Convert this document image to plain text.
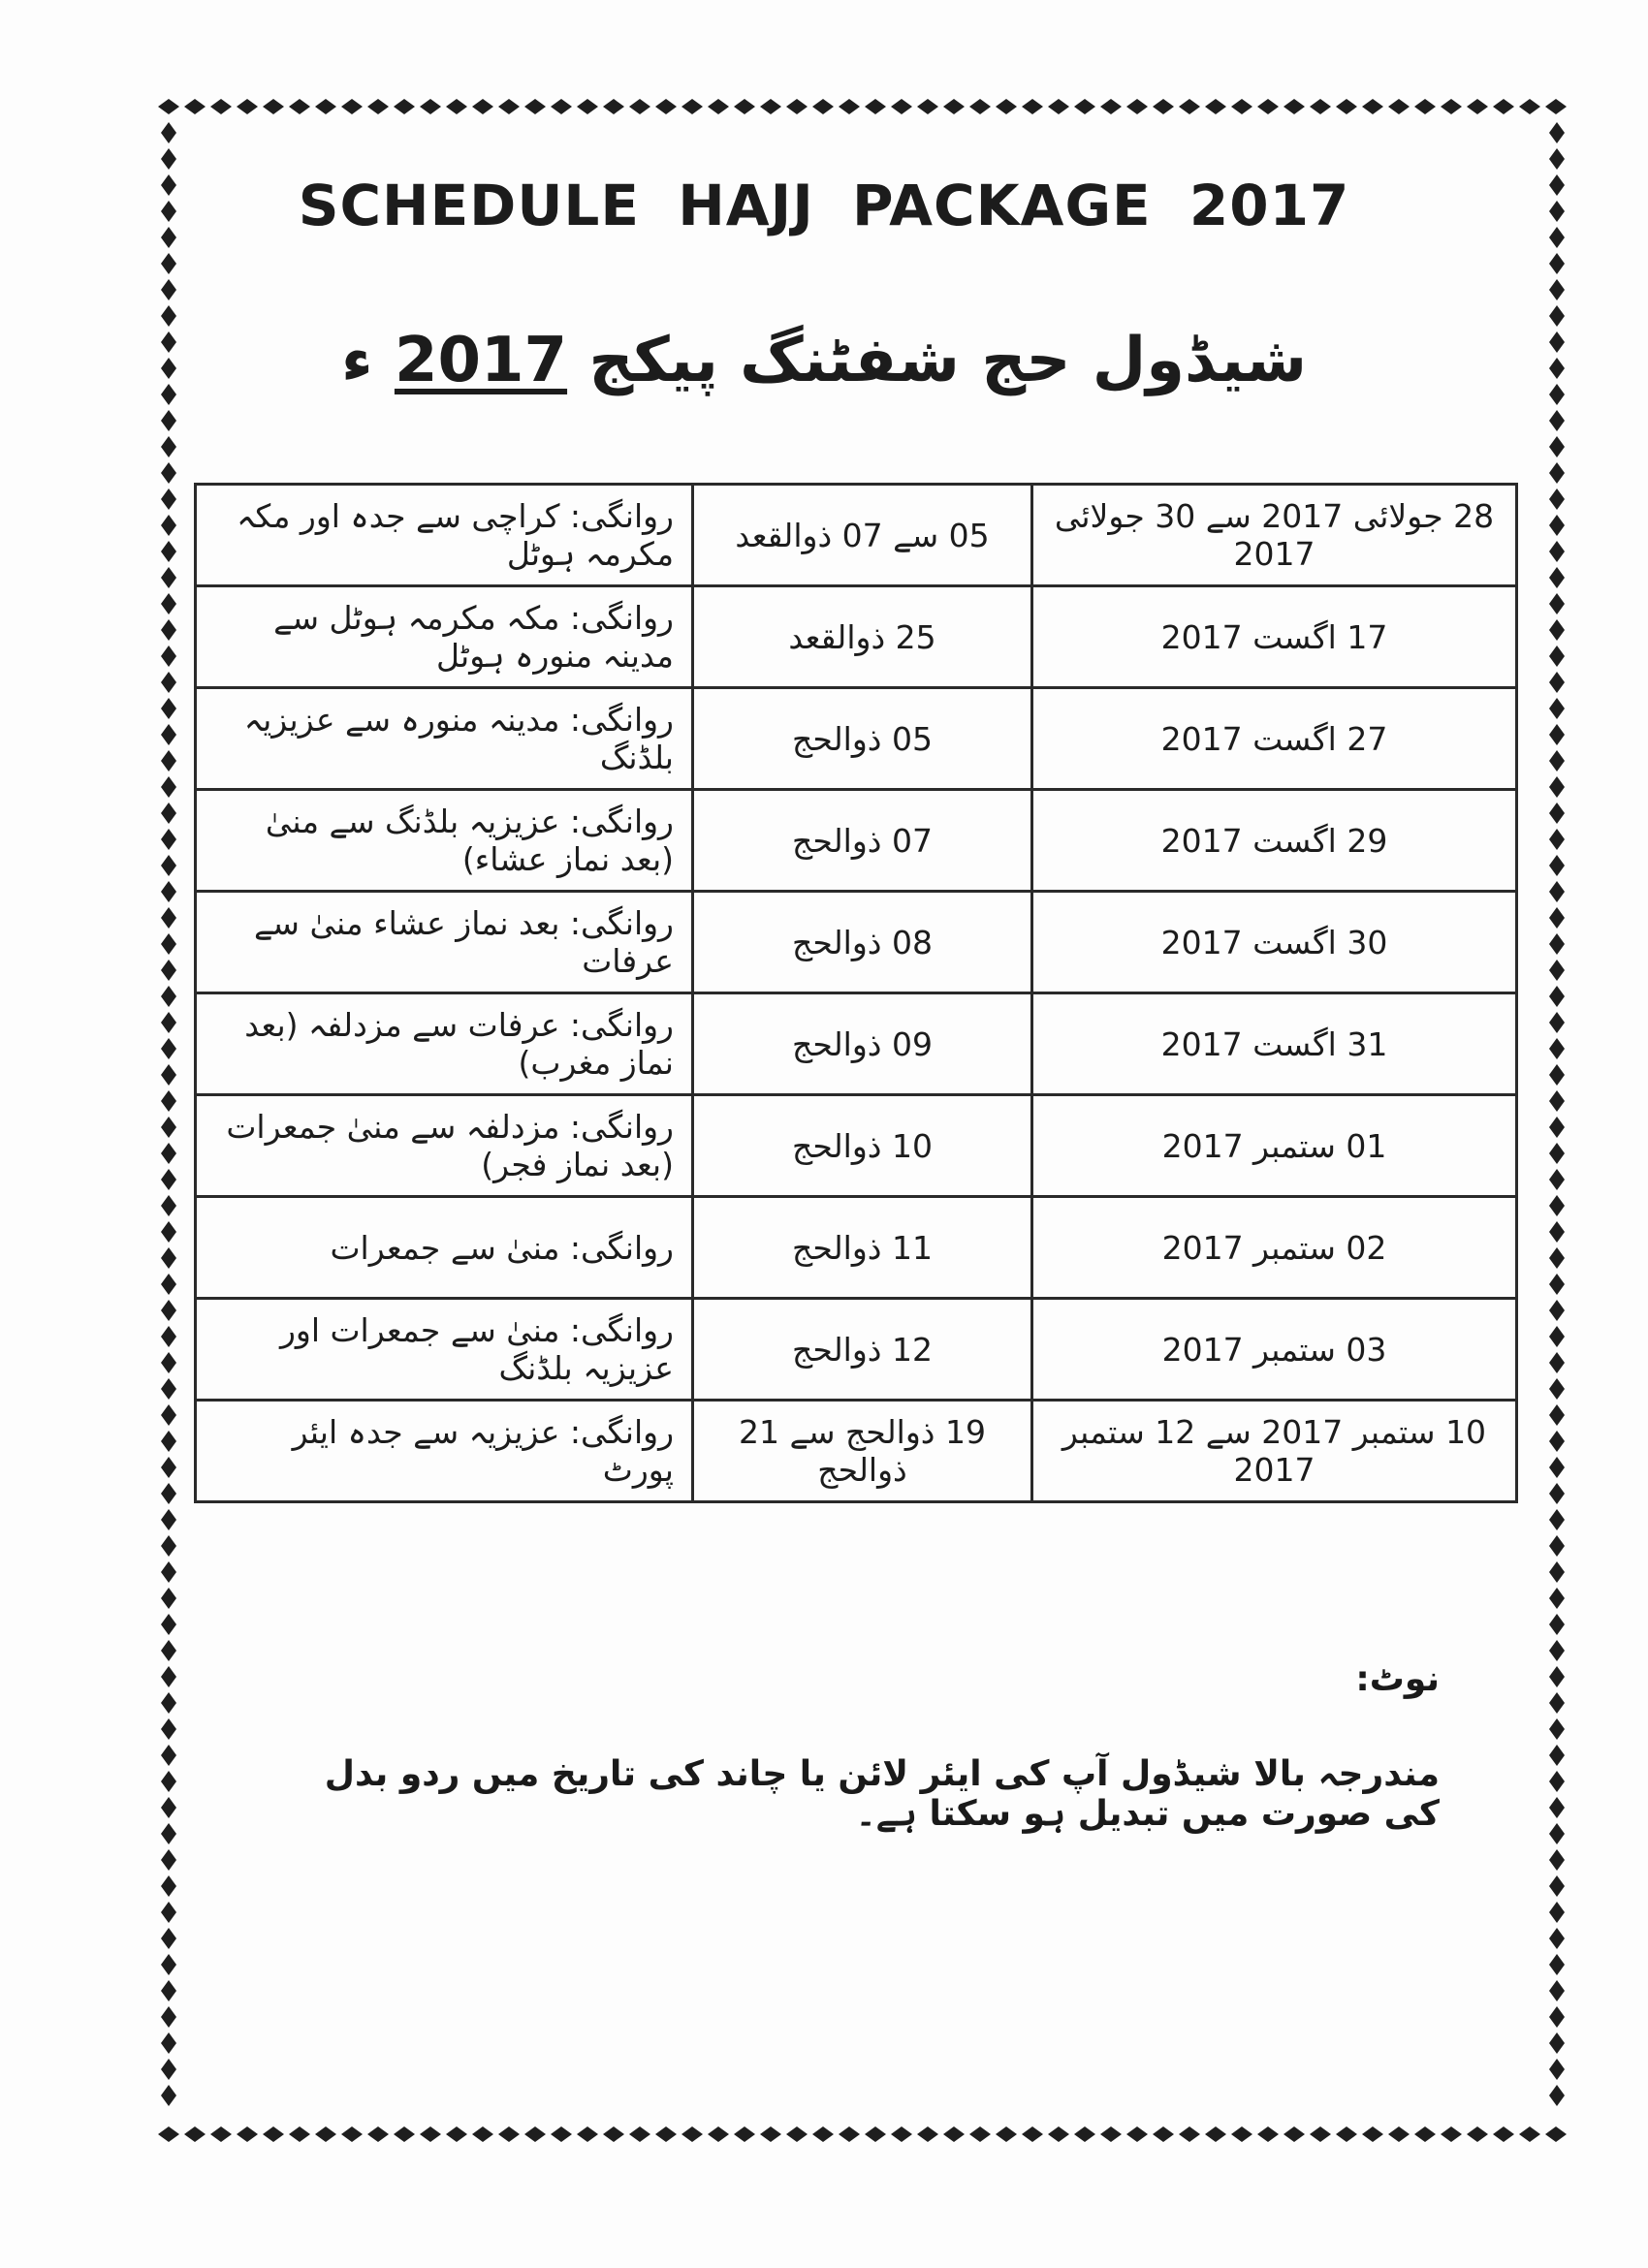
SCHEDULE HAJJ PACKAGE 2017
شیڈول حج شفٹنگ پیکج 2017 ء
28 جولائی 2017 سے 30 جولائی 2017	05 سے 07 ذوالقعد	روانگی: کراچی سے جدہ اور مکہ مکرمہ ہوٹل
17 اگست 2017	25 ذوالقعد	روانگی: مکہ مکرمہ ہوٹل سے مدینہ منورہ ہوٹل
27 اگست 2017	05 ذوالحج	روانگی: مدینہ منورہ سے عزیزیہ بلڈنگ
29 اگست 2017	07 ذوالحج	روانگی: عزیزیہ بلڈنگ سے منیٰ (بعد نماز عشاء)
30 اگست 2017	08 ذوالحج	روانگی: بعد نماز عشاء منیٰ سے عرفات
31 اگست 2017	09 ذوالحج	روانگی: عرفات سے مزدلفہ (بعد نماز مغرب)
01 ستمبر 2017	10 ذوالحج	روانگی: مزدلفہ سے منیٰ جمعرات (بعد نماز فجر)
02 ستمبر 2017	11 ذوالحج	روانگی: منیٰ سے جمعرات
03 ستمبر 2017	12 ذوالحج	روانگی: منیٰ سے جمعرات اور عزیزیہ بلڈنگ
10 ستمبر 2017 سے 12 ستمبر 2017	19 ذوالحج سے 21 ذوالحج	روانگی: عزیزیہ سے جدہ ایئر پورٹ
نوٹ:
مندرجہ بالا شیڈول آپ کی ایئر لائن یا چاند کی تاریخ میں ردو بدل کی صورت میں تبدیل ہو سکتا ہے۔
